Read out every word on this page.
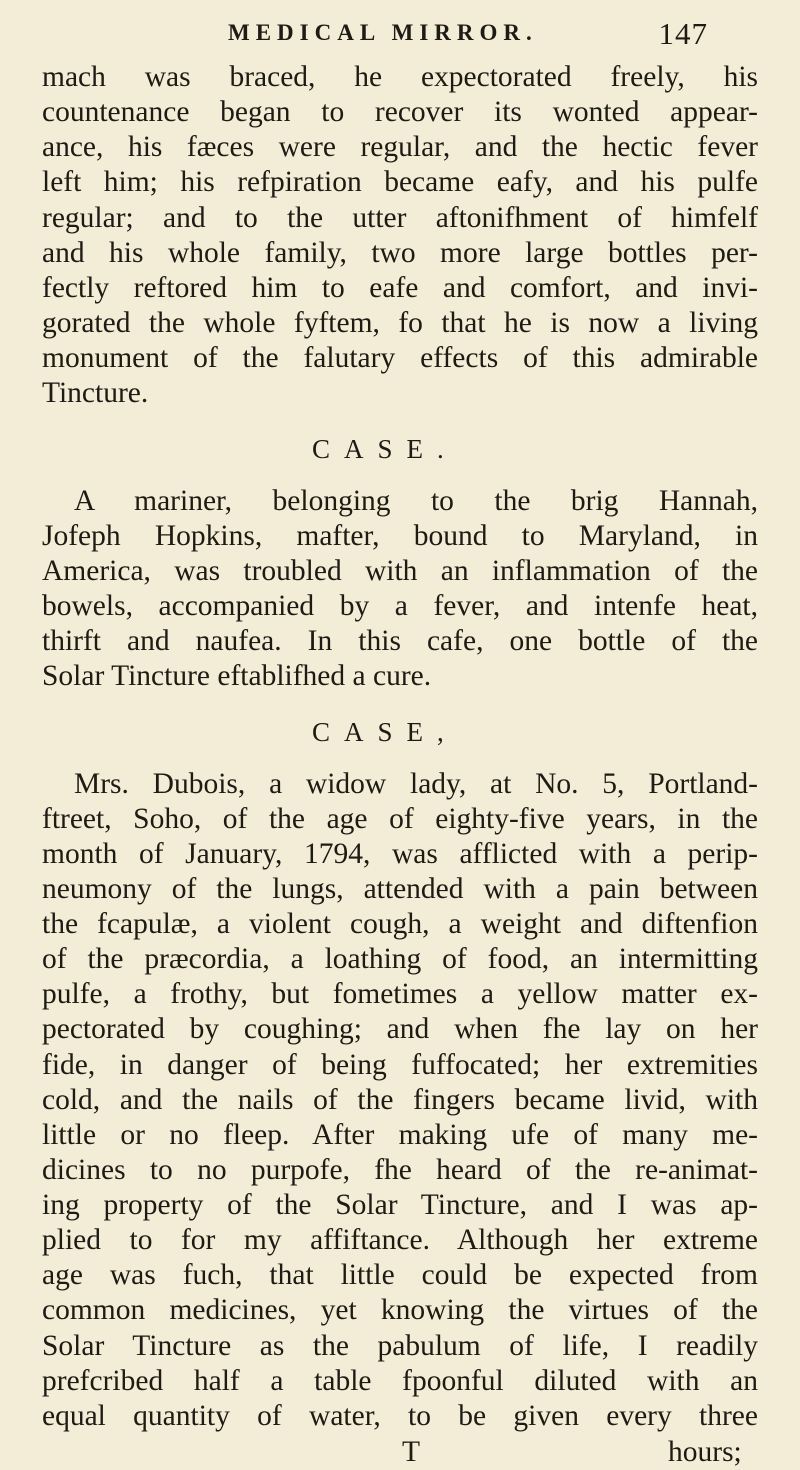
MEDICAL MIRROR.	147
mach was braced, he expectorated freely, his
countenance began to recover its wonted appear-
ance, his fæces were regular, and the hectic fever
left him; his refpiration became eafy, and his pulfe
regular; and to the utter aftonifhment of himfelf
and his whole family, two more large bottles per-
fectly reftored him to eafe and comfort, and invi-
gorated the whole fyftem, fo that he is now a living
monument of the falutary effects of this admirable
Tincture.
CASE.
A mariner, belonging to the brig Hannah,
Jofeph Hopkins, mafter, bound to Maryland, in
America, was troubled with an inflammation of the
bowels, accompanied by a fever, and intenfe heat,
thirft and naufea. In this cafe, one bottle of the
Solar Tincture eftablifhed a cure.
CASE,
Mrs. Dubois, a widow lady, at No. 5, Portland-
ftreet, Soho, of the age of eighty-five years, in the
month of January, 1794, was afflicted with a perip-
neumony of the lungs, attended with a pain between
the fcapulæ, a violent cough, a weight and diftenfion
of the præcordia, a loathing of food, an intermitting
pulfe, a frothy, but fometimes a yellow matter ex-
pectorated by coughing; and when fhe lay on her
fide, in danger of being fuffocated; her extremities
cold, and the nails of the fingers became livid, with
little or no fleep. After making ufe of many me-
dicines to no purpofe, fhe heard of the re-animat-
ing property of the Solar Tincture, and I was ap-
plied to for my affiftance. Although her extreme
age was fuch, that little could be expected from
common medicines, yet knowing the virtues of the
Solar Tincture as the pabulum of life, I readily
prefcribed half a table fpoonful diluted with an
equal quantity of water, to be given every three
T	hours;
